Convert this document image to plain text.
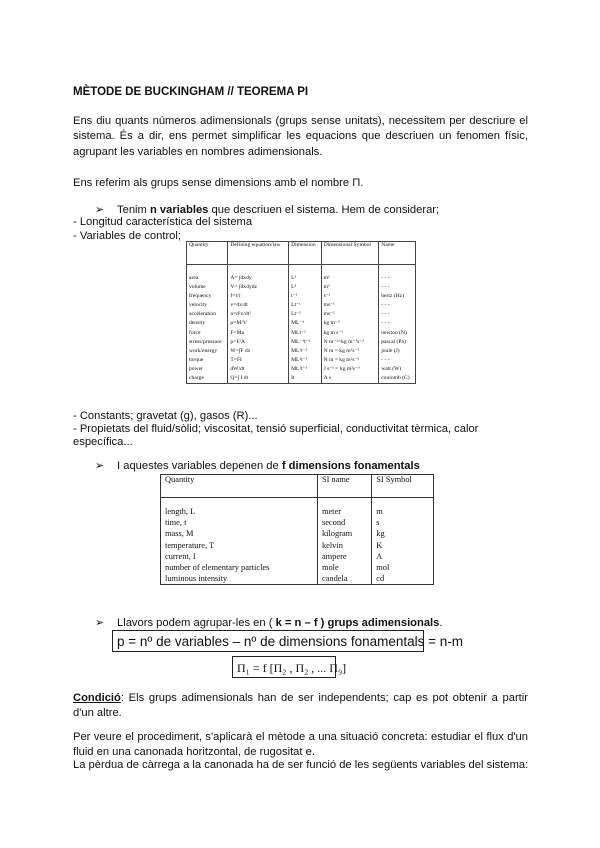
MÈTODE DE BUCKINGHAM // TEOREMA PI
Ens diu quants números adimensionals (grups sense unitats), necessitem per descriure el sistema. És a dir, ens permet simplificar les equacions que descriuen un fenomen físic, agrupant les variables en nombres adimensionals.
Ens referim als grups sense dimensions amb el nombre Π.
➢ Tenim n variables que descriuen el sistema. Hem de considerar;
- Longitud característica del sistema
- Variables de control;
Quantity	Defining equation/law	Dimension	Dimensional Symbol	Name
area	A= ∫dxdy	L²	m²	- - -
volume	V= ∫dxdydz	L³	m³	- - -
frequency	f=l/τ	t⁻¹	s⁻¹	hertz (Hz)
velocity	v=dx/dt	Lt⁻¹	ms⁻¹	- - -
acceleration	a=d²x/dt²	Lt⁻²	ms⁻²	- - -
density	ρ=M/V	ML⁻³	kg m⁻³	- - -
force	F=Ma	MLt⁻²	kg m s⁻²	newton (N)
stress/pressure	p=F/A	ML⁻¹t⁻²	N m⁻²=kg m⁻¹s⁻²	pascal (Pa)
work/energy	W=∫F dx	ML²t⁻²	N m = kg m²s⁻²	joule (J)
torque	T=FI	ML²t⁻²	N m = kg m²s⁻²	- - -
power	dW/dt	ML²t⁻³	J s⁻¹ = kg m²s⁻³	watt (W)
charge	Q=∫ I dt	It	A s	coulomb (C)
- Constants; gravetat (g), gasos (R)...
- Propietats del fluid/sòlid; viscositat, tensió superficial, conductivitat tèrmica, calor
específica...
➢ I aquestes variables depenen de f dimensions fonamentals
Quantity	SI name	SI Symbol
length, L	meter	m
time, t	second	s
mass, M	kilogram	kg
temperature, T	kelvin	K
current, I	ampere	A
number of elementary particles	mole	mol
luminous intensity	candela	cd
➢ Llavors podem agrupar-les en ( k = n – f ) grups adimensionals.
p = nº de variables – nº de dimensions fonamentals = n-m
Π₁ = f [Π₂ , Π₂ , ... Π₉]
Condició: Els grups adimensionals han de ser independents; cap es pot obtenir a partir d'un altre.
Per veure el procediment, s'aplicarà el mètode a una situació concreta: estudiar el flux d'un fluid en una canonada horitzontal, de rugositat e.
La pèrdua de càrrega a la canonada ha de ser funció de les següents variables del sistema:
